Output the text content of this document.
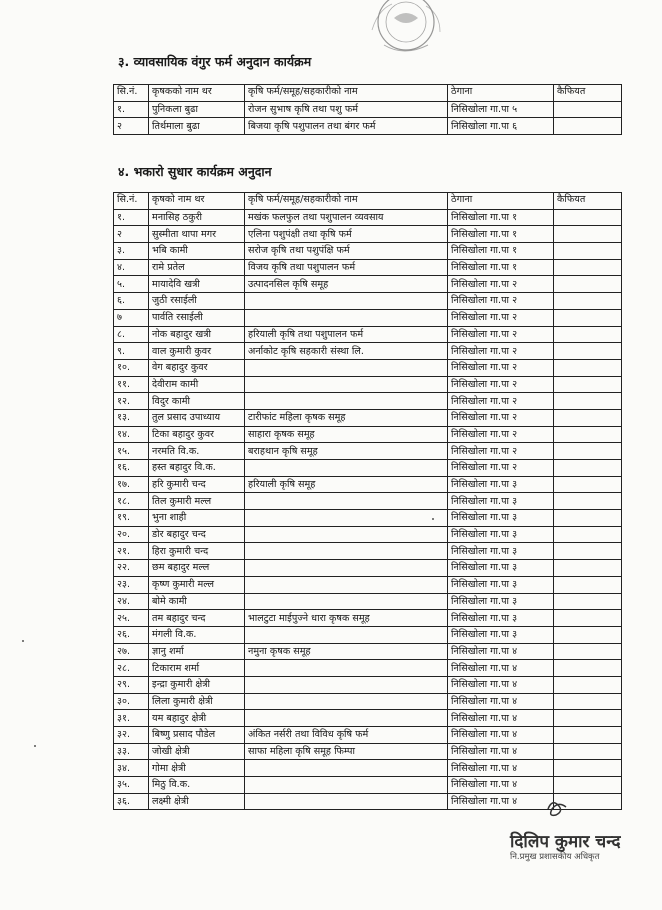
३. व्यावसायिक वंगुर फर्म अनुदान कार्यक्रम
सि.नं.	कृषकको नाम थर	कृषि फर्म/समूह/सहकारीको नाम	ठेगाना	कैफियत
१.	पुनिकला बुढा	रोजन सुभाष कृषि तथा पशु फर्म	निसिखोला गा.पा ५	
२	तिर्थमाला बुढा	बिजया कृषि पशुपालन तथा बंगर फर्म	निसिखोला गा.पा ६	
४. भकारो सुधार कार्यक्रम अनुदान
सि.नं.	कृषको नाम थर	कृषि फर्म/समूह/सहकारीको नाम	ठेगाना	कैफियत
१.	मनासिह ठकुरी	मखंक फलफुल तथा पशुपालन व्यवसाय	निसिखोला गा.पा १	
२	सुस्मीता थापा मगर	एलिना पशुपंक्षी तथा कृषि फर्म	निसिखोला गा.पा १	
३.	भबि कामी	सरोज कृषि तथा पशुपंक्षि फर्म	निसिखोला गा.पा १	
४.	रामे प्रतेल	विजय कृषि तथा पशुपालन फर्म	निसिखोला गा.पा १	
५.	मायादेवि खत्री	उत्पादनसिल कृषि समूह	निसिखोला गा.पा २	
६.	जुठी रसाईली		निसिखोला गा.पा २	
७	पार्वति रसाईली		निसिखोला गा.पा २	
८.	नोक बहादुर खत्री	हरियाली कृषि तथा पशुपालन फर्म	निसिखोला गा.पा २	
९.	वाल कुमारी कुवर	अर्नाकोट कृषि सहकारी संस्था लि.	निसिखोला गा.पा २	
१०.	वेग बहादुर कुवर		निसिखोला गा.पा २	
११.	देवीराम कामी		निसिखोला गा.पा २	
१२.	विदुर कामी		निसिखोला गा.पा २	
१३.	तुल प्रसाद उपाध्याय	टारीफांट महिला कृषक समूह	निसिखोला गा.पा २	
१४.	टिका बहादुर कुवर	साहारा कृषक समूह	निसिखोला गा.पा २	
१५.	नरमति वि.क.	बराहथान कृषि समूह	निसिखोला गा.पा २	
१६.	हस्त बहादुर वि.क.		निसिखोला गा.पा २	
१७.	हरि कुमारी चन्द	हरियाली कृषि समूह	निसिखोला गा.पा ३	
१८.	तिल कुमारी मल्ल		निसिखोला गा.पा ३	
१९.	भुना शाही		निसिखोला गा.पा ३	
२०.	डोर बहादुर चन्द		निसिखोला गा.पा ३	
२१.	हिरा कुमारी चन्द		निसिखोला गा.पा ३	
२२.	छम बहादुर मल्ल		निसिखोला गा.पा ३	
२३.	कृष्ण कुमारी मल्ल		निसिखोला गा.पा ३	
२४.	बोमे कामी		निसिखोला गा.पा ३	
२५.	तम बहादुर चन्द	भालटुटा माईपुज्ने धारा कृषक समूह	निसिखोला गा.पा ३	
२६.	मंगली वि.क.		निसिखोला गा.पा ३	
२७.	ज्ञानु शर्मा	नमुना कृषक समूह	निसिखोला गा.पा ४	
२८.	टिकाराम शर्मा		निसिखोला गा.पा ४	
२९.	इन्द्रा कुमारी क्षेत्री		निसिखोला गा.पा ४	
३०.	लिला कुमारी क्षेत्री		निसिखोला गा.पा ४	
३१.	यम बहादुर क्षेत्री		निसिखोला गा.पा ४	
३२.	बिष्णु प्रसाद पौडेल	अंकित नर्सरी तथा विविध कृषि फर्म	निसिखोला गा.पा ४	
३३.	जोखी क्षेत्री	साफा महिला कृषि समूह फिम्पा	निसिखोला गा.पा ४	
३४.	गोमा क्षेत्री		निसिखोला गा.पा ४	
३५.	मिठु वि.क.		निसिखोला गा.पा ४	
३६.	लक्ष्मी क्षेत्री		निसिखोला गा.पा ४	
दिलिप कुमार चन्द
नि.प्रमुख प्रशासकीय अधिकृत
